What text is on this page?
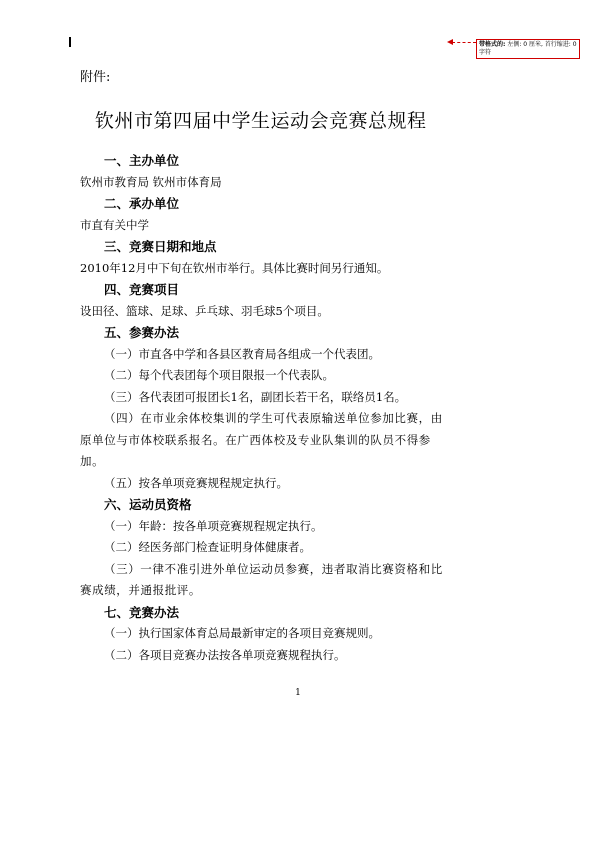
带格式的: 左侧: 0 厘米, 首行缩进: 0 字符
附件:
钦州市第四届中学生运动会竞赛总规程
一、主办单位
钦州市教育局 钦州市体育局
二、承办单位
市直有关中学
三、竞赛日期和地点
2010年12月中下旬在钦州市举行。具体比赛时间另行通知。
四、竞赛项目
设田径、篮球、足球、乒乓球、羽毛球5个项目。
五、参赛办法
（一）市直各中学和各县区教育局各组成一个代表团。
（二）每个代表团每个项目限报一个代表队。
（三）各代表团可报团长1名，副团长若干名，联络员1名。
（四）在市业余体校集训的学生可代表原输送单位参加比赛，由原单位与市体校联系报名。在广西体校及专业队集训的队员不得参加。
（五）按各单项竞赛规程规定执行。
六、运动员资格
（一）年龄：按各单项竞赛规程规定执行。
（二）经医务部门检查证明身体健康者。
（三）一律不准引进外单位运动员参赛，违者取消比赛资格和比赛成绩，并通报批评。
七、竞赛办法
（一）执行国家体育总局最新审定的各项目竞赛规则。
（二）各项目竞赛办法按各单项竞赛规程执行。
1
